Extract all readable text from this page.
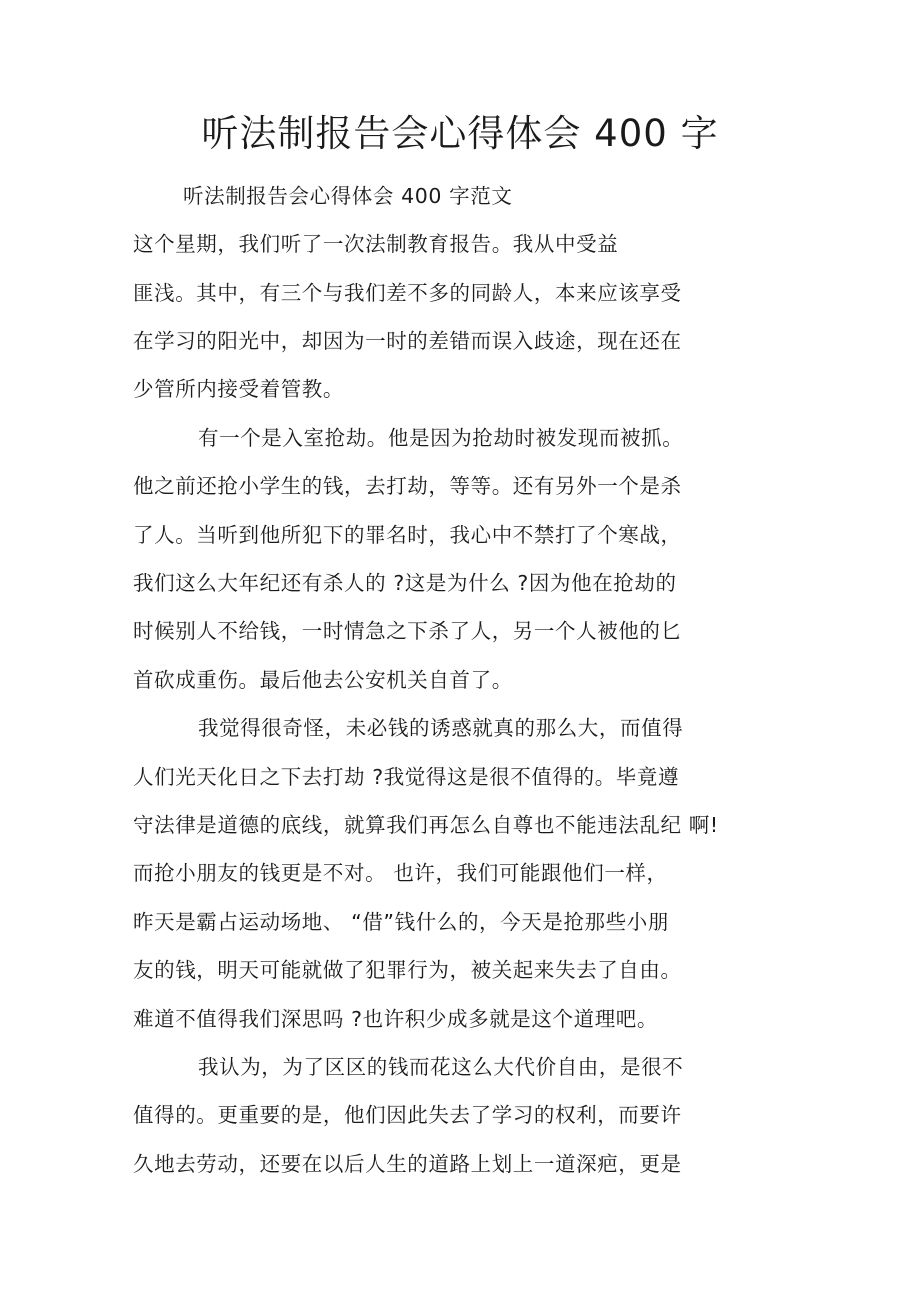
听法制报告会心得体会 400 字
听法制报告会心得体会 400 字范文
这个星期，我们听了一次法制教育报告。我从中受益
匪浅。其中，有三个与我们差不多的同龄人，本来应该享受
在学习的阳光中，却因为一时的差错而误入歧途，现在还在
少管所内接受着管教。
有一个是入室抢劫。他是因为抢劫时被发现而被抓。
他之前还抢小学生的钱，去打劫，等等。还有另外一个是杀
了人。当听到他所犯下的罪名时，我心中不禁打了个寒战，
我们这么大年纪还有杀人的 ?这是为什么 ?因为他在抢劫的
时候别人不给钱，一时情急之下杀了人，另一个人被他的匕
首砍成重伤。最后他去公安机关自首了。
我觉得很奇怪，未必钱的诱惑就真的那么大，而值得
人们光天化日之下去打劫 ?我觉得这是很不值得的。毕竟遵
守法律是道德的底线，就算我们再怎么自尊也不能违法乱纪 啊!
而抢小朋友的钱更是不对。 也许，我们可能跟他们一样，
昨天是霸占运动场地、 “借”钱什么的，今天是抢那些小朋
友的钱，明天可能就做了犯罪行为，被关起来失去了自由。
难道不值得我们深思吗 ?也许积少成多就是这个道理吧。
我认为，为了区区的钱而花这么大代价自由，是很不
值得的。更重要的是，他们因此失去了学习的权利，而要许
久地去劳动，还要在以后人生的道路上划上一道深疤，更是
